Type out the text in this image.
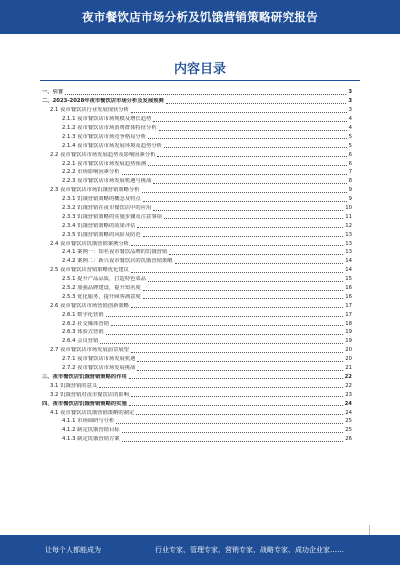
夜市餐饮店市场分析及饥饿营销策略研究报告
内容目录
一、引言	3
二、2023-2028年夜市餐饮店市场分析及发展预测	3
2.1 夜市餐饮店行业发展现状分析	3
2.1.1 夜市餐饮店市场规模及增长趋势	4
2.1.2 夜市餐饮店市场消费群体特征分析	4
2.1.3 夜市餐饮店市场竞争格局分析	5
2.1.4 夜市餐饮店市场发展环境及趋势分析	5
2.2 夜市餐饮店市场发展趋势及影响因素分析	6
2.2.1 夜市餐饮店市场发展趋势预测	6
2.2.2 市场影响因素分析	7
2.2.3 夜市餐饮店市场发展机遇与挑战	8
2.3 夜市餐饮店市场饥饿营销策略分析	9
2.3.1 饥饿营销策略的概念及特点	9
2.3.2 饥饿营销在夜市餐饮店中的应用	10
2.3.3 饥饿营销策略的实施步骤及注意事项	11
2.3.4 饥饿营销策略的效果评估	12
2.3.5 饥饿营销策略的风险及防范	13
2.4 夜市餐饮店饥饿营销案例分析	13
2.4.1 案例一：知名夜市餐饮品牌的饥饿营销	13
2.4.2 案例二：新兴夜市餐饮店的饥饿营销策略	14
2.5 夜市餐饮店营销策略优化建议	14
2.5.1 提升产品品质，打造特色菜品	15
2.5.2 加强品牌建设，提升知名度	16
2.5.3 优化服务，提升顾客满意度	16
2.6 夜市餐饮店市场营销创新策略	17
2.6.1 数字化营销	17
2.6.2 社交媒体营销	18
2.6.3 体验式营销	19
2.6.4 会员营销	19
2.7 夜市餐饮店市场发展前景展望	20
2.7.1 夜市餐饮店市场发展机遇	20
2.7.2 夜市餐饮店市场发展挑战	21
三、夜市餐饮店饥饿营销策略的作用	22
3.1 饥饿营销的意义	22
3.2 饥饿营销对夜市餐饮店的影响	23
四、夜市餐饮店饥饿营销策略的实施	24
4.1 夜市餐饮店饥饿营销策略的制定	24
4.1.1 市场调研与分析	25
4.1.2 制定饥饿营销目标	25
4.1.3 制定饥饿营销方案	26
让每个人都能成为	行业专家、管理专家、营销专家、战略专家、成功企业家……
